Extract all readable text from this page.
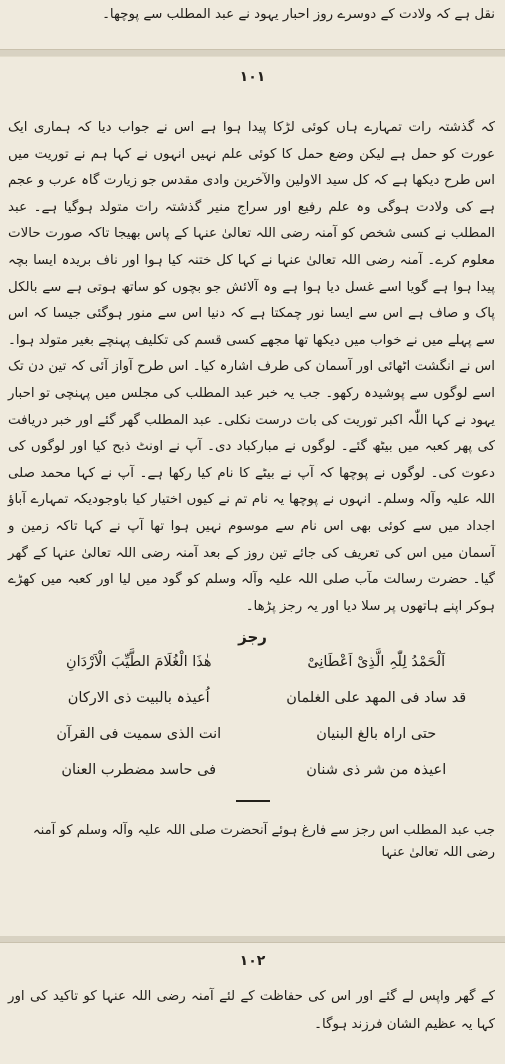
نقل ہے کہ ولادت کے دوسرے روز احبار یہود نے عبد المطلب سے پوچھا۔

۱۰۱

کہ گذشتہ رات تمہارے ہاں کوئی لڑکا پیدا ہوا ہے اس نے جواب دیا کہ ہماری ایک عورت کو حمل ہے لیکن وضع حمل کا کوئی علم نہیں انہوں نے کہا ہم نے توریت میں اس طرح دیکھا ہے کہ کل سید الاولین والآخرین وادی مقدس جو زیارت گاہ عرب و عجم ہے کی ولادت ہوگی وہ علم رفیع اور سراج منیر گذشتہ رات متولد ہوگیا ہے۔ عبد المطلب نے کسی شخص کو آمنہ رضی اللہ تعالیٰ عنہا کے پاس بھیجا تاکہ صورت حالات معلوم کرے۔ آمنہ رضی اللہ تعالیٰ عنہا نے کہا کل ختنہ کیا ہوا اور ناف بریدہ ایسا بچہ پیدا ہوا ہے گویا اسے غسل دیا ہوا ہے وہ آلائش جو بچوں کو ساتھ ہوتی ہے سے بالکل پاک و صاف ہے اس سے ایسا نور چمکتا ہے کہ دنیا اس سے منور ہوگئی جیسا کہ اس سے پہلے میں نے خواب میں دیکھا تھا مجھے کسی قسم کی تکلیف پہنچے بغیر متولد ہوا۔ اس نے انگشت اٹھائی اور آسمان کی طرف اشارہ کیا۔ اس طرح آواز آئی کہ تین دن تک اسے لوگوں سے پوشیدہ رکھو۔ جب یہ خبر عبد المطلب کی مجلس میں پہنچی تو احبار یہود نے کہا اللّٰہ اکبر توریت کی بات درست نکلی۔ عبد المطلب گھر گئے اور خبر دریافت کی پھر کعبہ میں بیٹھ گئے۔ لوگوں نے مبارکباد دی۔ آپ نے اونٹ ذبح کیا اور لوگوں کی دعوت کی۔ لوگوں نے پوچھا کہ آپ نے بیٹے کا نام کیا رکھا ہے۔ آپ نے کہا محمد صلی اللہ علیہ وآلہ وسلم۔ انہوں نے پوچھا یہ نام تم نے کیوں اختیار کیا باوجودیکہ تمہارے آباؤ اجداد میں سے کوئی بھی اس نام سے موسوم نہیں ہوا تھا آپ نے کہا تاکہ زمین و آسمان میں اس کی تعریف کی جائے تین روز کے بعد آمنہ رضی اللہ تعالیٰ عنہا کے گھر گیا۔ حضرت رسالت مآب صلی اللہ علیہ وآلہ وسلم کو گود میں لیا اور کعبہ میں کھڑے ہوکر اپنے ہاتھوں پر سلا دیا اور یہ رجز پڑھا۔

رجز
اَلْحَمْدُ لِلّٰہِ الَّذِیْ اَعْطَانِیْ
ھٰذَا الْغُلَامَ الطَّیِّبَ الْاَرْدَانِ
قد ساد فی المھد علی الغلمان
اُعیذہ بالبیت ذی الارکان
حتی اراہ بالغ البنیان
انت الذی سمیت فی القرآن
اعیذہ من شر ذی شنان
فی حاسد مضطرب العنان

جب عبد المطلب اس رجز سے فارغ ہوئے آنحضرت صلی اللہ علیہ وآلہ وسلم کو آمنہ رضی اللہ تعالیٰ عنہا

۱۰۲

کے گھر واپس لے گئے اور اس کی حفاظت کے لئے آمنہ رضی اللہ عنہا کو تاکید کی اور کہا یہ عظیم الشان فرزند ہوگا۔
